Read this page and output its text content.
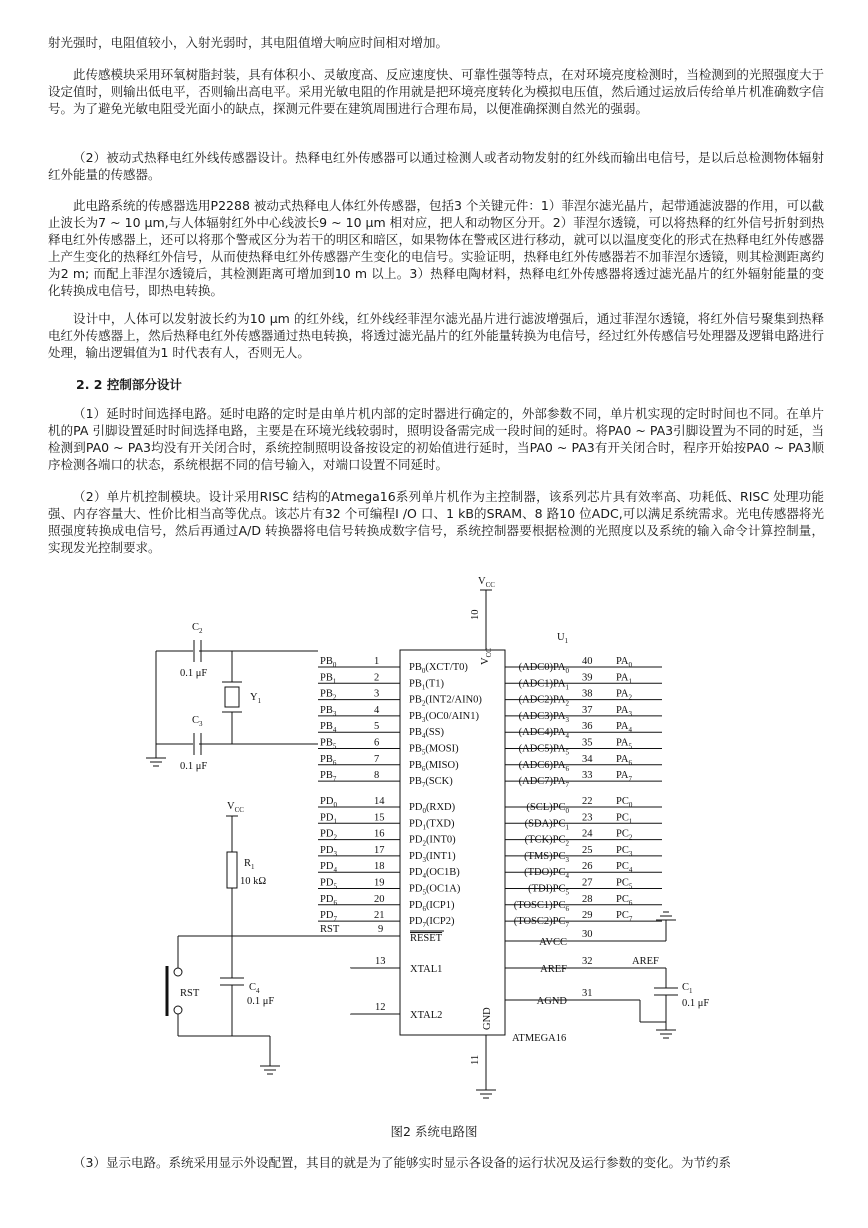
射光强时，电阻值较小，入射光弱时，其电阻值增大响应时间相对增加。

此传感模块采用环氧树脂封装，具有体积小、灵敏度高、反应速度快、可靠性强等特点，在对环境亮度检测时，当检测到的光照强度大于设定值时，则输出低电平，否则输出高电平。采用光敏电阻的作用就是把环境亮度转化为模拟电压值，然后通过运放后传给单片机准确数字信号。为了避免光敏电阻受光面小的缺点，探测元件要在建筑周围进行合理布局，以便准确探测自然光的强弱。

（2）被动式热释电红外线传感器设计。热释电红外传感器可以通过检测人或者动物发射的红外线而输出电信号，是以后总检测物体辐射红外能量的传感器。

此电路系统的传感器选用P2288 被动式热释电人体红外传感器，包括3 个关键元件：1）菲涅尔滤光晶片，起带通滤波器的作用，可以截止波长为7 ~ 10 μm,与人体辐射红外中心线波长9 ~ 10 μm 相对应，把人和动物区分开。2）菲涅尔透镜，可以将热释的红外信号折射到热释电红外传感器上，还可以将那个警戒区分为若干的明区和暗区，如果物体在警戒区进行移动，就可以以温度变化的形式在热释电红外传感器上产生变化的热释红外信号，从而使热释电红外传感器产生变化的电信号。实验证明，热释电红外传感器若不加菲涅尔透镜，则其检测距离约为2 m; 而配上菲涅尔透镜后，其检测距离可增加到10 m 以上。3）热释电陶材料，热释电红外传感器将透过滤光晶片的红外辐射能量的变化转换成电信号，即热电转换。

设计中，人体可以发射波长约为10 μm 的红外线，红外线经菲涅尔滤光晶片进行滤波增强后，通过菲涅尔透镜，将红外信号聚集到热释电红外传感器上，然后热释电红外传感器通过热电转换，将透过滤光晶片的红外能量转换为电信号，经过红外传感信号处理器及逻辑电路进行处理，输出逻辑值为1 时代表有人，否则无人。

2. 2 控制部分设计

（1）延时时间选择电路。延时电路的定时是由单片机内部的定时器进行确定的，外部参数不同，单片机实现的定时时间也不同。在单片机的PA 引脚设置延时时间选择电路，主要是在环境光线较弱时，照明设备需完成一段时间的延时。将PA0 ~ PA3引脚设置为不同的时延，当检测到PA0 ~ PA3均没有开关闭合时，系统控制照明设备按设定的初始值进行延时，当PA0 ~ PA3有开关闭合时，程序开始按PA0 ~ PA3顺序检测各端口的状态，系统根据不同的信号输入，对端口设置不同延时。

（2）单片机控制模块。设计采用RISC 结构的Atmega16系列单片机作为主控制器，该系列芯片具有效率高、功耗低、RISC 处理功能强、内存容量大、性价比相当高等优点。该芯片有32 个可编程I /O 口、1 kB的SRAM、8 路10 位ADC,可以满足系统需求。光电传感器将光照强度转换成电信号，然后再通过A/D 转换器将电信号转换成数字信号，系统控制器要根据检测的光照度以及系统的输入命令计算控制量，实现发光控制要求。

ATMEGA16
$U_1$
$V_{CC}$
10
$V_{CC}$
GND
11
$PB_0$	1
$PB_0(XCT/T0)$
$PB_1$	2
$PB_1(T1)$
$PB_2$	3
$PB_2(INT2/AIN0)$
$PB_3$	4
$PB_3(OC0/AIN1)$
$PB_4$	5
$PB_4(SS)$
$PB_5$	6
$PB_5(MOSI)$
$PB_6$	7
$PB_6(MISO)$
$PB_7$	8
$PB_7(SCK)$
$PD_0$	14
$PD_0(RXD)$
$PD_1$	15
$PD_1(TXD)$
$PD_2$	16
$PD_2(INT0)$
$PD_3$	17
$PD_3(INT1)$
$PD_4$	18
$PD_4(OC1B)$
$PD_5$	19
$PD_5(OC1A)$
$PD_6$	20
$PD_6(ICP1)$
$PD_7$	21
$PD_7(ICP2)$
$(ADC0)PA_0$
40 $PA_0$
$(ADC1)PA_1$
39 $PA_1$
$(ADC2)PA_2$
38 $PA_2$
$(ADC3)PA_3$
37 $PA_3$
$(ADC4)PA_4$
36 $PA_4$
$(ADC5)PA_5$
35 $PA_5$
$(ADC6)PA_6$
34 $PA_6$
$(ADC7)PA_7$
33 $PA_7$
$(SCL)PC_0$
22 $PC_0$
$(SDA)PC_1$
23 $PC_1$
$(TCK)PC_2$
24 $PC_2$
$(TMS)PC_3$
25 $PC_3$
$(TDO)PC_4$
26 $PC_4$
$(TDI)PC_5$
27 $PC_5$
$(TOSC1)PC_6$
28 $PC_6$
$(TOSC2)PC_7$
29 $PC_7$
RST	9
RESET
13
XTAL1
12
XTAL2
AVCC
30
AREF
32	AREF
$C_1$
0.1 μF
AGND
31
$C_2$
0.1 μF
$C_3$
0.1 μF
$Y_1$
$V_{CC}$
$R_1$
10 kΩ
RST
$C_4$
0.1 μF

图2 系统电路图

（3）显示电路。系统采用显示外设配置，其目的就是为了能够实时显示各设备的运行状况及运行参数的变化。为节约系
